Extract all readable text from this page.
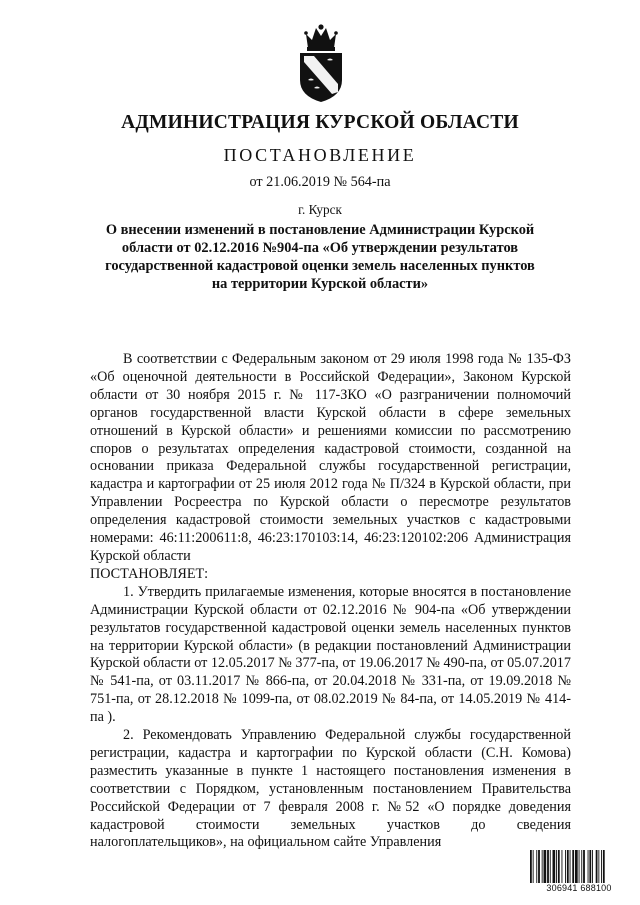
АДМИНИСТРАЦИЯ КУРСКОЙ ОБЛАСТИ
ПОСТАНОВЛЕНИЕ
от 21.06.2019 № 564-па
г. Курск
О внесении изменений в постановление Администрации Курской области от 02.12.2016 №904-па «Об утверждении результатов государственной кадастровой оценки земель населенных пунктов на территории Курской области»

В соответствии с Федеральным законом от 29 июля 1998 года № 135-ФЗ «Об оценочной деятельности в Российской Федерации», Законом Курской области от 30 ноября 2015 г. № 117-ЗКО «О разграничении полномочий органов государственной власти Курской области в сфере земельных отношений в Курской области» и решениями комиссии по рассмотрению споров о результатах определения кадастровой стоимости, созданной на основании приказа Федеральной службы государственной регистрации, кадастра и картографии от 25 июля 2012 года № П/324 в Курской области, при Управлении Росреестра по Курской области о пересмотре результатов определения кадастровой стоимости земельных участков с кадастровыми номерами: 46:11:200611:8, 46:23:170103:14, 46:23:120102:206 Администрация Курской области

ПОСТАНОВЛЯЕТ:

1. Утвердить прилагаемые изменения, которые вносятся в постановление Администрации Курской области от 02.12.2016 № 904-па «Об утверждении результатов государственной кадастровой оценки земель населенных пунктов на территории Курской области» (в редакции постановлений Администрации Курской области от 12.05.2017 № 377-па, от 19.06.2017 № 490-па, от 05.07.2017 № 541-па, от 03.11.2017 № 866-па, от 20.04.2018 № 331-па, от 19.09.2018 № 751-па, от 28.12.2018 № 1099-па, от 08.02.2019 № 84-па, от 14.05.2019 № 414-па ).

2. Рекомендовать Управлению Федеральной службы государственной регистрации, кадастра и картографии по Курской области (С.Н. Комова) разместить указанные в пункте 1 настоящего постановления изменения в соответствии с Порядком, установленным постановлением Правительства Российской Федерации от 7 февраля 2008 г. №52 «О порядке доведения кадастровой стоимости земельных участков до сведения налогоплательщиков», на официальном сайте Управления

306941 688100
